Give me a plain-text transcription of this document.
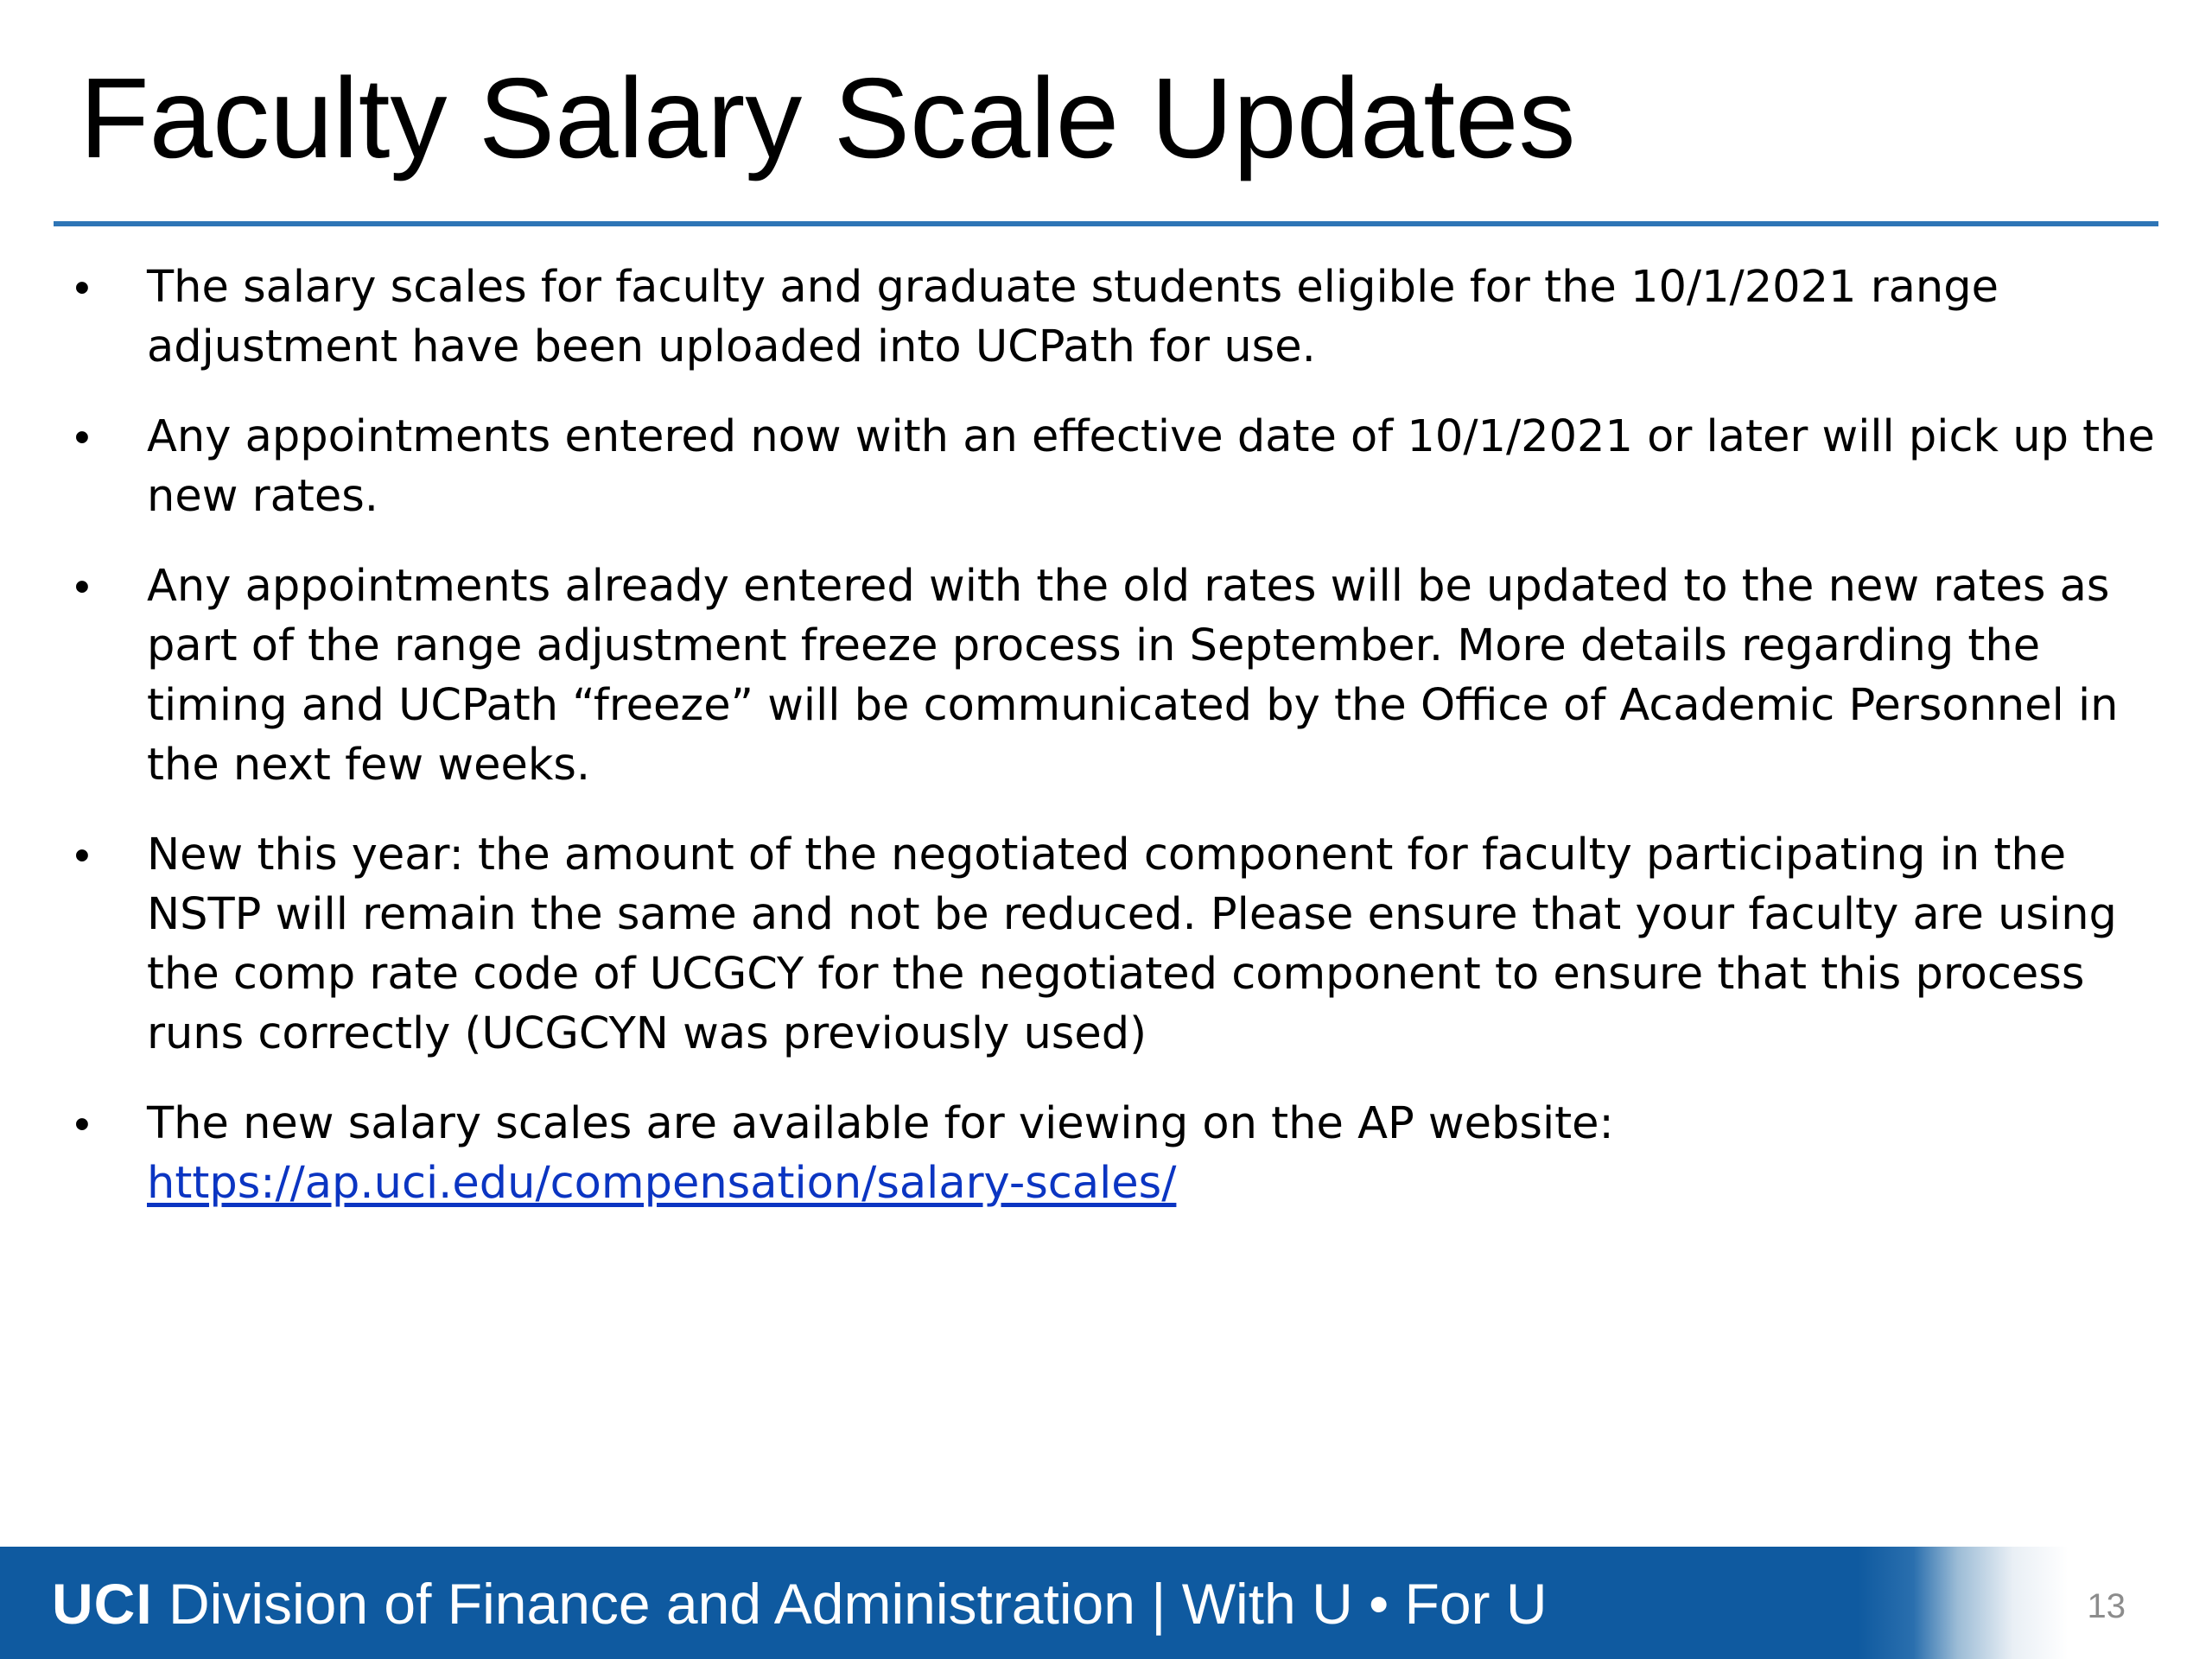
Faculty Salary Scale Updates
• The salary scales for faculty and graduate students eligible for the 10/1/2021 range adjustment have been uploaded into UCPath for use.
• Any appointments entered now with an effective date of 10/1/2021 or later will pick up the new rates.
• Any appointments already entered with the old rates will be updated to the new rates as part of the range adjustment freeze process in September. More details regarding the timing and UCPath “freeze” will be communicated by the Office of Academic Personnel in the next few weeks.
• New this year: the amount of the negotiated component for faculty participating in the NSTP will remain the same and not be reduced. Please ensure that your faculty are using the comp rate code of UCGCY for the negotiated component to ensure that this process runs correctly (UCGCYN was previously used)
• The new salary scales are available for viewing on the AP website:
https://ap.uci.edu/compensation/salary-scales/
UCI Division of Finance and Administration | With U • For U	13
